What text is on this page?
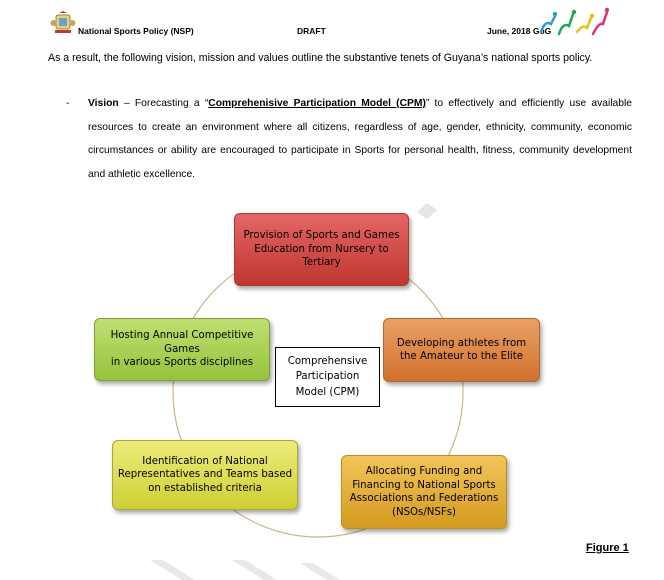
National Sports Policy (NSP)	DRAFT	June, 2018 GoG
As a result, the following vision, mission and values outline the substantive tenets of Guyana’s national sports policy.
- Vision – Forecasting a “Comprehenisive Participation Model (CPM)” to effectively and efficiently use available resources to create an environment where all citizens, regardless of age, gender, ethnicity, community, economic circumstances or ability are encouraged to participate in Sports for personal health, fitness, community development and athletic excellence.
Provision of Sports and Games
Education from Nursery to
Tertiary
Developing athletes from
the Amateur to the Elite
Allocating Funding and
Financing to National Sports
Associations and Federations
(NSOs/NSFs)
Identification of National
Representatives and Teams based
on established criteria
Hosting Annual Competitive
Games
in various Sports disciplines	Comprehensive
Participation
Model (CPM)
Figure 1
